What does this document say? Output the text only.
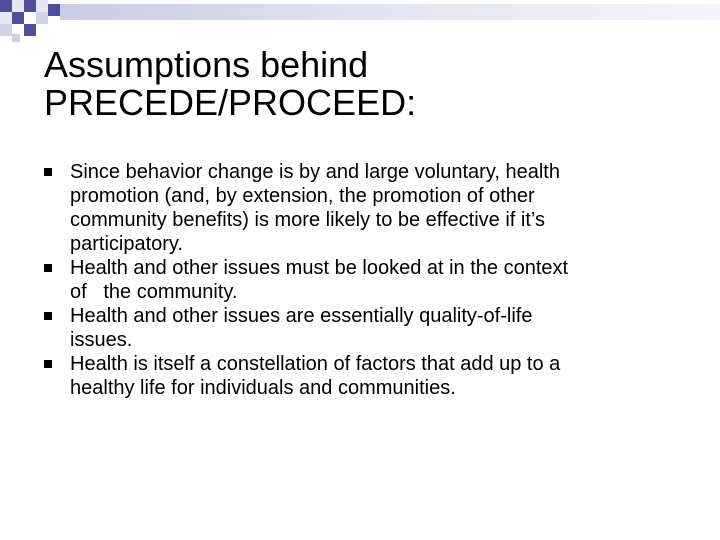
Assumptions behind
PRECEDE/PROCEED:
Since behavior change is by and large voluntary, health
promotion (and, by extension, the promotion of other
community benefits) is more likely to be effective if it’s
participatory.
Health and other issues must be looked at in the context
of   the community.
Health and other issues are essentially quality-of-life
issues.
Health is itself a constellation of factors that add up to a
healthy life for individuals and communities.
